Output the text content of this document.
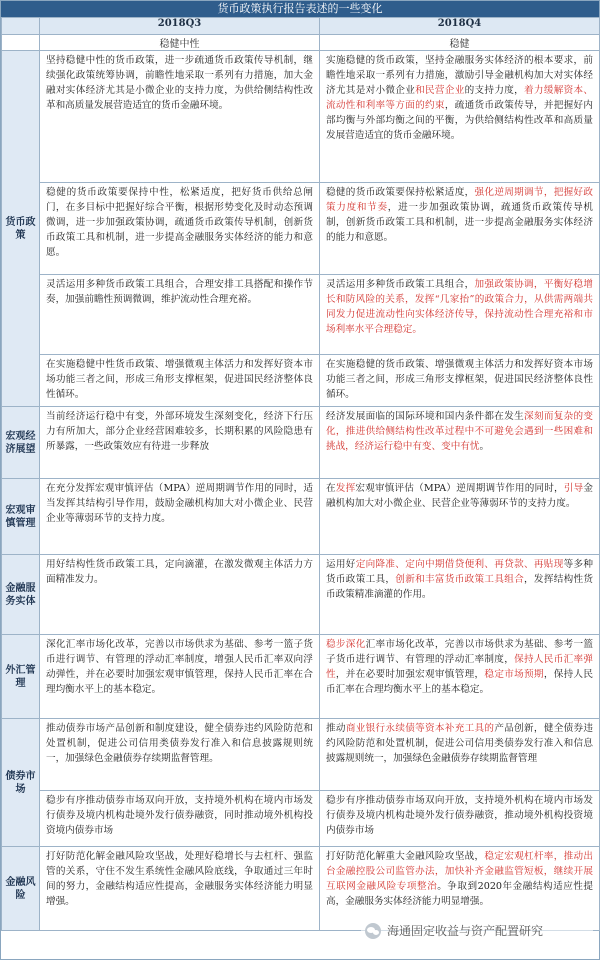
货币政策执行报告表述的一些变化
	2018Q3	2018Q4
	稳健中性	稳健
货币政策	坚持稳健中性的货币政策，进一步疏通货币政策传导机制，继续强化政策统筹协调，前瞻性地采取一系列有力措施，加大金融对实体经济尤其是小微企业的支持力度，为供给侧结构性改革和高质量发展营造适宜的货币金融环境。	实施稳健的货币政策，坚持金融服务实体经济的根本要求，前瞻性地采取一系列有力措施，激励引导金融机构加大对实体经济尤其是对小微企业和民营企业的支持力度，着力缓解资本、流动性和利率等方面的约束，疏通货币政策传导，并把握好内部均衡与外部均衡之间的平衡，为供给侧结构性改革和高质量发展营造适宜的货币金融环境。
	稳健的货币政策要保持中性，松紧适度，把好货币供给总闸门，在多目标中把握好综合平衡，根据形势变化及时动态预调微调，进一步加强政策协调，疏通货币政策传导机制，创新货币政策工具和机制，进一步提高金融服务实体经济的能力和意愿。	稳健的货币政策要保持松紧适度，强化逆周期调节，把握好政策力度和节奏，进一步加强政策协调，疏通货币政策传导机制，创新货币政策工具和机制，进一步提高金融服务实体经济的能力和意愿。
	灵活运用多种货币政策工具组合，合理安排工具搭配和操作节奏，加强前瞻性预调微调，维护流动性合理充裕。	灵活运用多种货币政策工具组合，加强政策协调，平衡好稳增长和防风险的关系，发挥“几家抬”的政策合力，从供需两端共同发力促进流动性向实体经济传导，保持流动性合理充裕和市场利率水平合理稳定。
	在实施稳健中性货币政策、增强微观主体活力和发挥好资本市场功能三者之间，形成三角形支撑框架，促进国民经济整体良性循环。	在实施稳健的货币政策、增强微观主体活力和发挥好资本市场功能三者之间，形成三角形支撑框架，促进国民经济整体良性循环。
宏观经济展望	当前经济运行稳中有变，外部环境发生深刻变化，经济下行压力有所加大，部分企业经营困难较多，长期积累的风险隐患有所暴露，一些政策效应有待进一步释放	经济发展面临的国际环境和国内条件都在发生深刻而复杂的变化，推进供给侧结构性改革过程中不可避免会遇到一些困难和挑战，经济运行稳中有变、变中有忧。
宏观审慎管理	在充分发挥宏观审慎评估（MPA）逆周期调节作用的同时，适当发挥其结构引导作用，鼓励金融机构加大对小微企业、民营企业等薄弱环节的支持力度。	在发挥宏观审慎评估（MPA）逆周期调节作用的同时，引导金融机构加大对小微企业、民营企业等薄弱环节的支持力度。
金融服务实体	用好结构性货币政策工具，定向滴灌，在激发微观主体活力方面精准发力。	运用好定向降准、定向中期借贷便利、再贷款、再贴现等多种货币政策工具，创新和丰富货币政策工具组合，发挥结构性货币政策精准滴灌的作用。
外汇管理	深化汇率市场化改革，完善以市场供求为基础、参考一篮子货币进行调节、有管理的浮动汇率制度，增强人民币汇率双向浮动弹性，并在必要时加强宏观审慎管理，保持人民币汇率在合理均衡水平上的基本稳定。	稳步深化汇率市场化改革，完善以市场供求为基础、参考一篮子货币进行调节、有管理的浮动汇率制度，保持人民币汇率弹性，并在必要时加强宏观审慎管理，稳定市场预期，保持人民币汇率在合理均衡水平上的基本稳定。
债券市场	推动债券市场产品创新和制度建设，健全债券违约风险防范和处置机制，促进公司信用类债券发行准入和信息披露规则统一，加强绿色金融债券存续期监督管理。	推动商业银行永续债等资本补充工具的产品创新，健全债券违约风险防范和处置机制，促进公司信用类债券发行准入和信息披露规则统一，加强绿色金融债券存续期监督管理
	稳步有序推动债券市场双向开放，支持境外机构在境内市场发行债券及境内机构赴境外发行债券融资，同时推动境外机构投资境内债券市场	稳步有序推动债券市场双向开放，支持境外机构在境内市场发行债券及境内机构赴境外发行债券融资，推动境外机构投资境内债券市场
金融风险	打好防范化解金融风险攻坚战，处理好稳增长与去杠杆、强监管的关系，守住不发生系统性金融风险底线，争取通过三年时间的努力，金融结构适应性提高，金融服务实体经济能力明显增强。	打好防范化解重大金融风险攻坚战，稳定宏观杠杆率，推动出台金融控股公司监管办法，加快补齐金融监管短板，继续开展互联网金融风险专项整治。争取到2020年金融结构适应性提高，金融服务实体经济能力明显增强。
海通固定收益与资产配置研究
